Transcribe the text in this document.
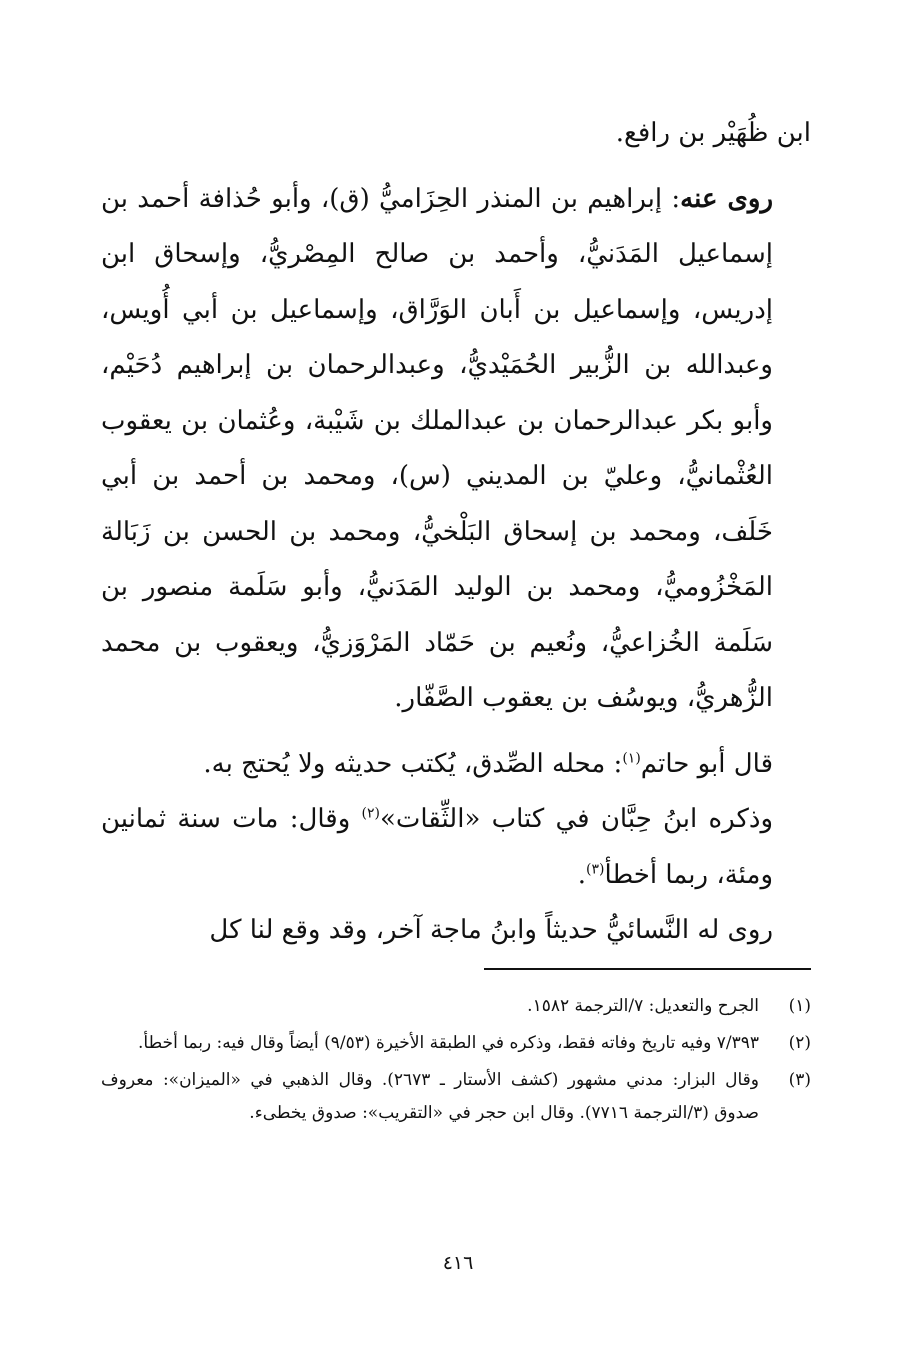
ابن ظُهَيْر بن رافع.

روى عنه: إبراهيم بن المنذر الحِزَاميُّ (ق)، وأبو حُذافة أحمد بن إسماعيل المَدَنيُّ، وأحمد بن صالح المِصْريُّ، وإسحاق ابن إدريس، وإسماعيل بن أَبان الوَرَّاق، وإسماعيل بن أبي أُويس، وعبدالله بن الزُّبير الحُمَيْديُّ، وعبدالرحمان بن إبراهيم دُحَيْم، وأبو بكر عبدالرحمان بن عبدالملك بن شَيْبة، وعُثمان بن يعقوب العُثْمانيُّ، وعليّ بن المديني (س)، ومحمد بن أحمد بن أبي خَلَف، ومحمد بن إسحاق البَلْخيُّ، ومحمد بن الحسن بن زَبَالة المَخْزُوميُّ، ومحمد بن الوليد المَدَنيُّ، وأبو سَلَمة منصور بن سَلَمة الخُزاعيُّ، ونُعيم بن حَمّاد المَرْوَزيُّ، ويعقوب بن محمد الزُّهريُّ، ويوسُف بن يعقوب الصَّفّار.

قال أبو حاتم$^{(١)}$: محله الصِّدق، يُكتب حديثه ولا يُحتج به.

وذكره ابنُ حِبَّان في كتاب «الثِّقات»$^{(٢)}$ وقال: مات سنة ثمانين ومئة، ربما أخطأ$^{(٣)}$.

روى له النَّسائيُّ حديثاً وابنُ ماجة آخر، وقد وقع لنا كل

(١)
الجرح والتعديل: ٧/الترجمة ١٥٨٢.
(٢)
٧/٣٩٣ وفيه تاريخ وفاته فقط، وذكره في الطبقة الأخيرة (٩/٥٣) أيضاً وقال فيه: ربما أخطأ.
(٣)
وقال البزار: مدني مشهور (كشف الأستار ـ ٢٦٧٣). وقال الذهبي في «الميزان»: معروف صدوق (٣/الترجمة ٧٧١٦). وقال ابن حجر في «التقريب»: صدوق يخطىء.
٤١٦
